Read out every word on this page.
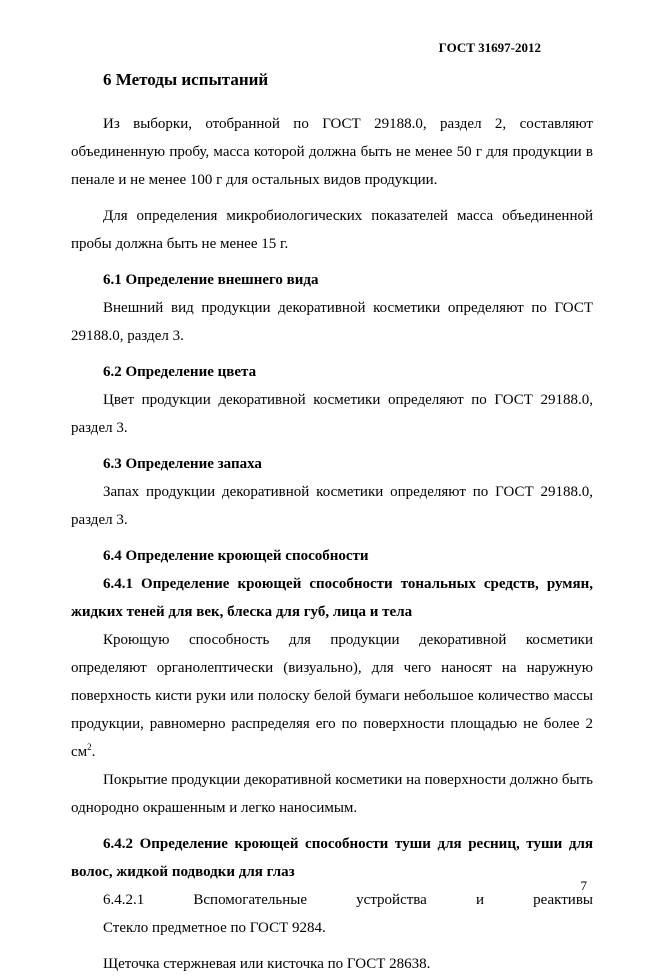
ГОСТ 31697-2012
6 Методы испытаний

Из выборки, отобранной по ГОСТ 29188.0, раздел 2, составляют объединенную пробу, масса которой должна быть не менее 50 г для продукции в пенале и не менее 100 г для остальных видов продукции.

Для определения микробиологических показателей масса объединенной пробы должна быть не менее 15 г.

6.1 Определение внешнего вида

Внешний вид продукции декоративной косметики определяют по ГОСТ 29188.0, раздел 3.

6.2 Определение цвета

Цвет продукции декоративной косметики определяют по ГОСТ 29188.0, раздел 3.

6.3 Определение запаха

Запах продукции декоративной косметики определяют по ГОСТ 29188.0, раздел 3.

6.4 Определение кроющей способности

6.4.1 Определение кроющей способности тональных средств, румян, жидких теней для век, блеска для губ, лица и тела

Кроющую способность для продукции декоративной косметики определяют органолептически (визуально), для чего наносят на наружную поверхность кисти руки или полоску белой бумаги небольшое количество массы продукции, равномерно распределяя его по поверхности площадью не более 2 $см^2$.

Покрытие продукции декоративной косметики на поверхности должно быть однородно окрашенным и легко наносимым.

6.4.2 Определение кроющей способности туши для ресниц, туши для волос, жидкой подводки для глаз

6.4.2.1	Вспомогательные	устройства	и	реактивы

Стекло предметное по ГОСТ 9284.

Щеточка стержневая или кисточка по ГОСТ 28638.

7
